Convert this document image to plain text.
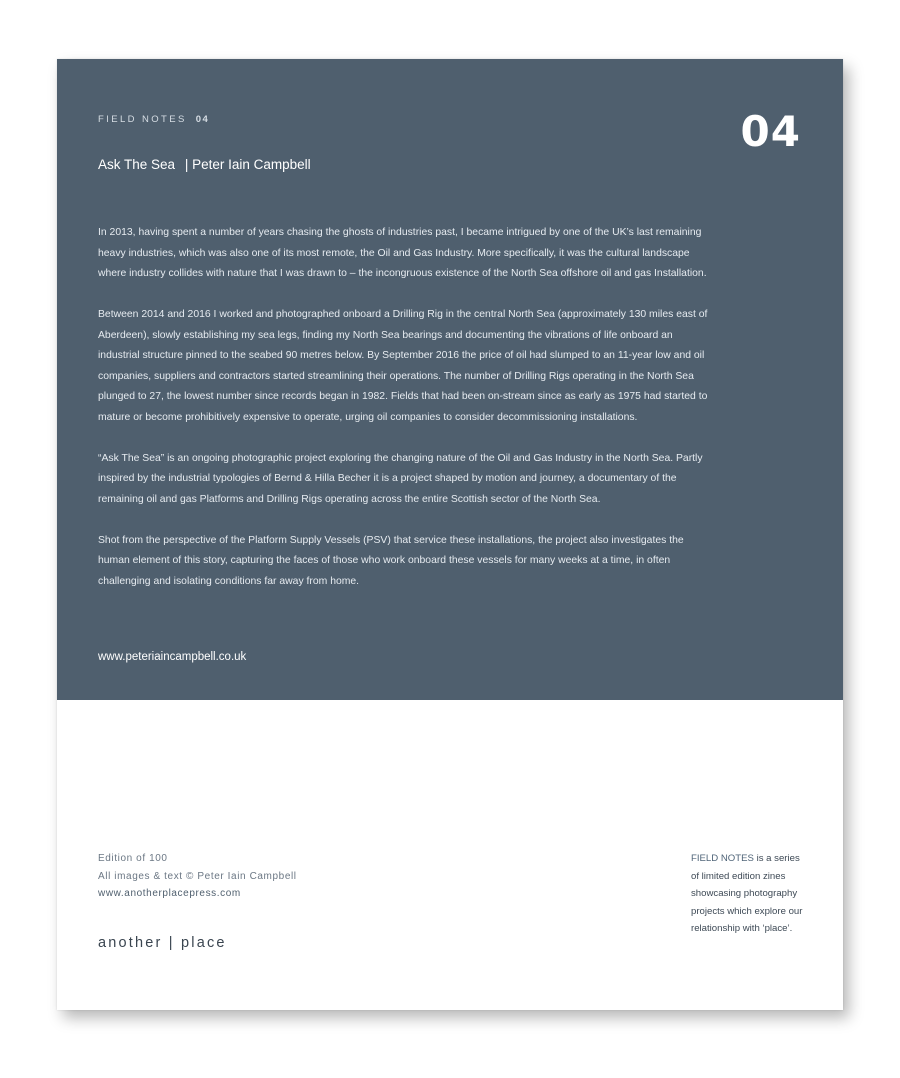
FIELD NOTES 04	04
Ask The Sea | Peter Iain Campbell

In 2013, having spent a number of years chasing the ghosts of industries past, I became intrigued by one of the UK’s last remaining heavy industries, which was also one of its most remote, the Oil and Gas Industry. More specifically, it was the cultural landscape where industry collides with nature that I was drawn to – the incongruous existence of the North Sea offshore oil and gas Installation.

Between 2014 and 2016 I worked and photographed onboard a Drilling Rig in the central North Sea (approximately 130 miles east of Aberdeen), slowly establishing my sea legs, finding my North Sea bearings and documenting the vibrations of life onboard an industrial structure pinned to the seabed 90 metres below. By September 2016 the price of oil had slumped to an 11-year low and oil companies, suppliers and contractors started streamlining their operations. The number of Drilling Rigs operating in the North Sea plunged to 27, the lowest number since records began in 1982. Fields that had been on-stream since as early as 1975 had started to mature or become prohibitively expensive to operate, urging oil companies to consider decommissioning installations.

“Ask The Sea” is an ongoing photographic project exploring the changing nature of the Oil and Gas Industry in the North Sea. Partly inspired by the industrial typologies of Bernd & Hilla Becher it is a project shaped by motion and journey, a documentary of the remaining oil and gas Platforms and Drilling Rigs operating across the entire Scottish sector of the North Sea.

Shot from the perspective of the Platform Supply Vessels (PSV) that service these installations, the project also investigates the human element of this story, capturing the faces of those who work onboard these vessels for many weeks at a time, in often challenging and isolating conditions far away from home.

www.peteriaincampbell.co.uk
Edition of 100
All images & text © Peter Iain Campbell
www.anotherplacepress.com
another | place
FIELD NOTES is a series
of limited edition zines
showcasing photography
projects which explore our
relationship with ‘place’.
